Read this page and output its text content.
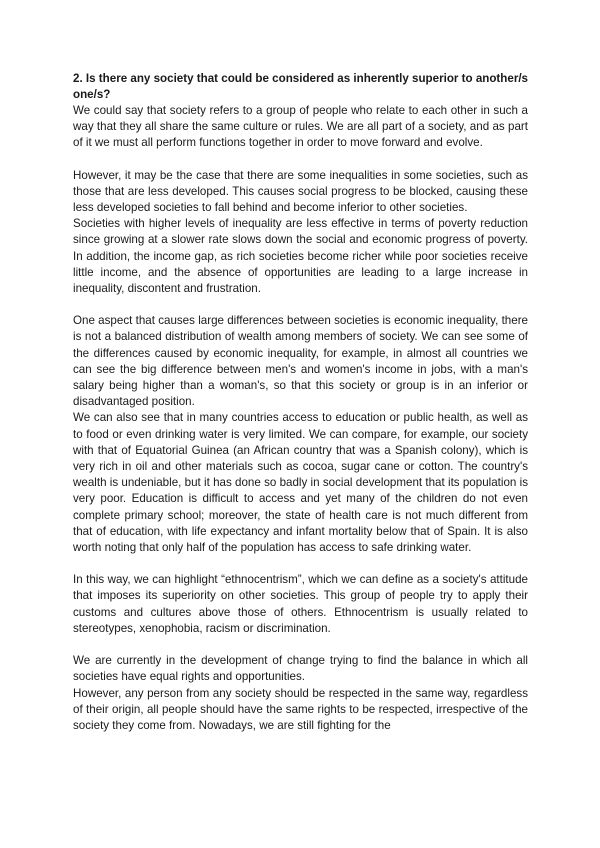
2. Is there any society that could be considered as inherently superior to another/s one/s?

We could say that society refers to a group of people who relate to each other in such a way that they all share the same culture or rules. We are all part of a society, and as part of it we must all perform functions together in order to move forward and evolve.

However, it may be the case that there are some inequalities in some societies, such as those that are less developed. This causes social progress to be blocked, causing these less developed societies to fall behind and become inferior to other societies.

Societies with higher levels of inequality are less effective in terms of poverty reduction since growing at a slower rate slows down the social and economic progress of poverty. In addition, the income gap, as rich societies become richer while poor societies receive little income, and the absence of opportunities are leading to a large increase in inequality, discontent and frustration.

One aspect that causes large differences between societies is economic inequality, there is not a balanced distribution of wealth among members of society. We can see some of the differences caused by economic inequality, for example, in almost all countries we can see the big difference between men's and women's income in jobs, with a man's salary being higher than a woman's, so that this society or group is in an inferior or disadvantaged position.

We can also see that in many countries access to education or public health, as well as to food or even drinking water is very limited. We can compare, for example, our society with that of Equatorial Guinea (an African country that was a Spanish colony), which is very rich in oil and other materials such as cocoa, sugar cane or cotton. The country's wealth is undeniable, but it has done so badly in social development that its population is very poor. Education is difficult to access and yet many of the children do not even complete primary school; moreover, the state of health care is not much different from that of education, with life expectancy and infant mortality below that of Spain. It is also worth noting that only half of the population has access to safe drinking water.

In this way, we can highlight “ethnocentrism”, which we can define as a society's attitude that imposes its superiority on other societies. This group of people try to apply their customs and cultures above those of others. Ethnocentrism is usually related to stereotypes, xenophobia, racism or discrimination.

We are currently in the development of change trying to find the balance in which all societies have equal rights and opportunities.

However, any person from any society should be respected in the same way, regardless of their origin, all people should have the same rights to be respected, irrespective of the society they come from. Nowadays, we are still fighting for the
